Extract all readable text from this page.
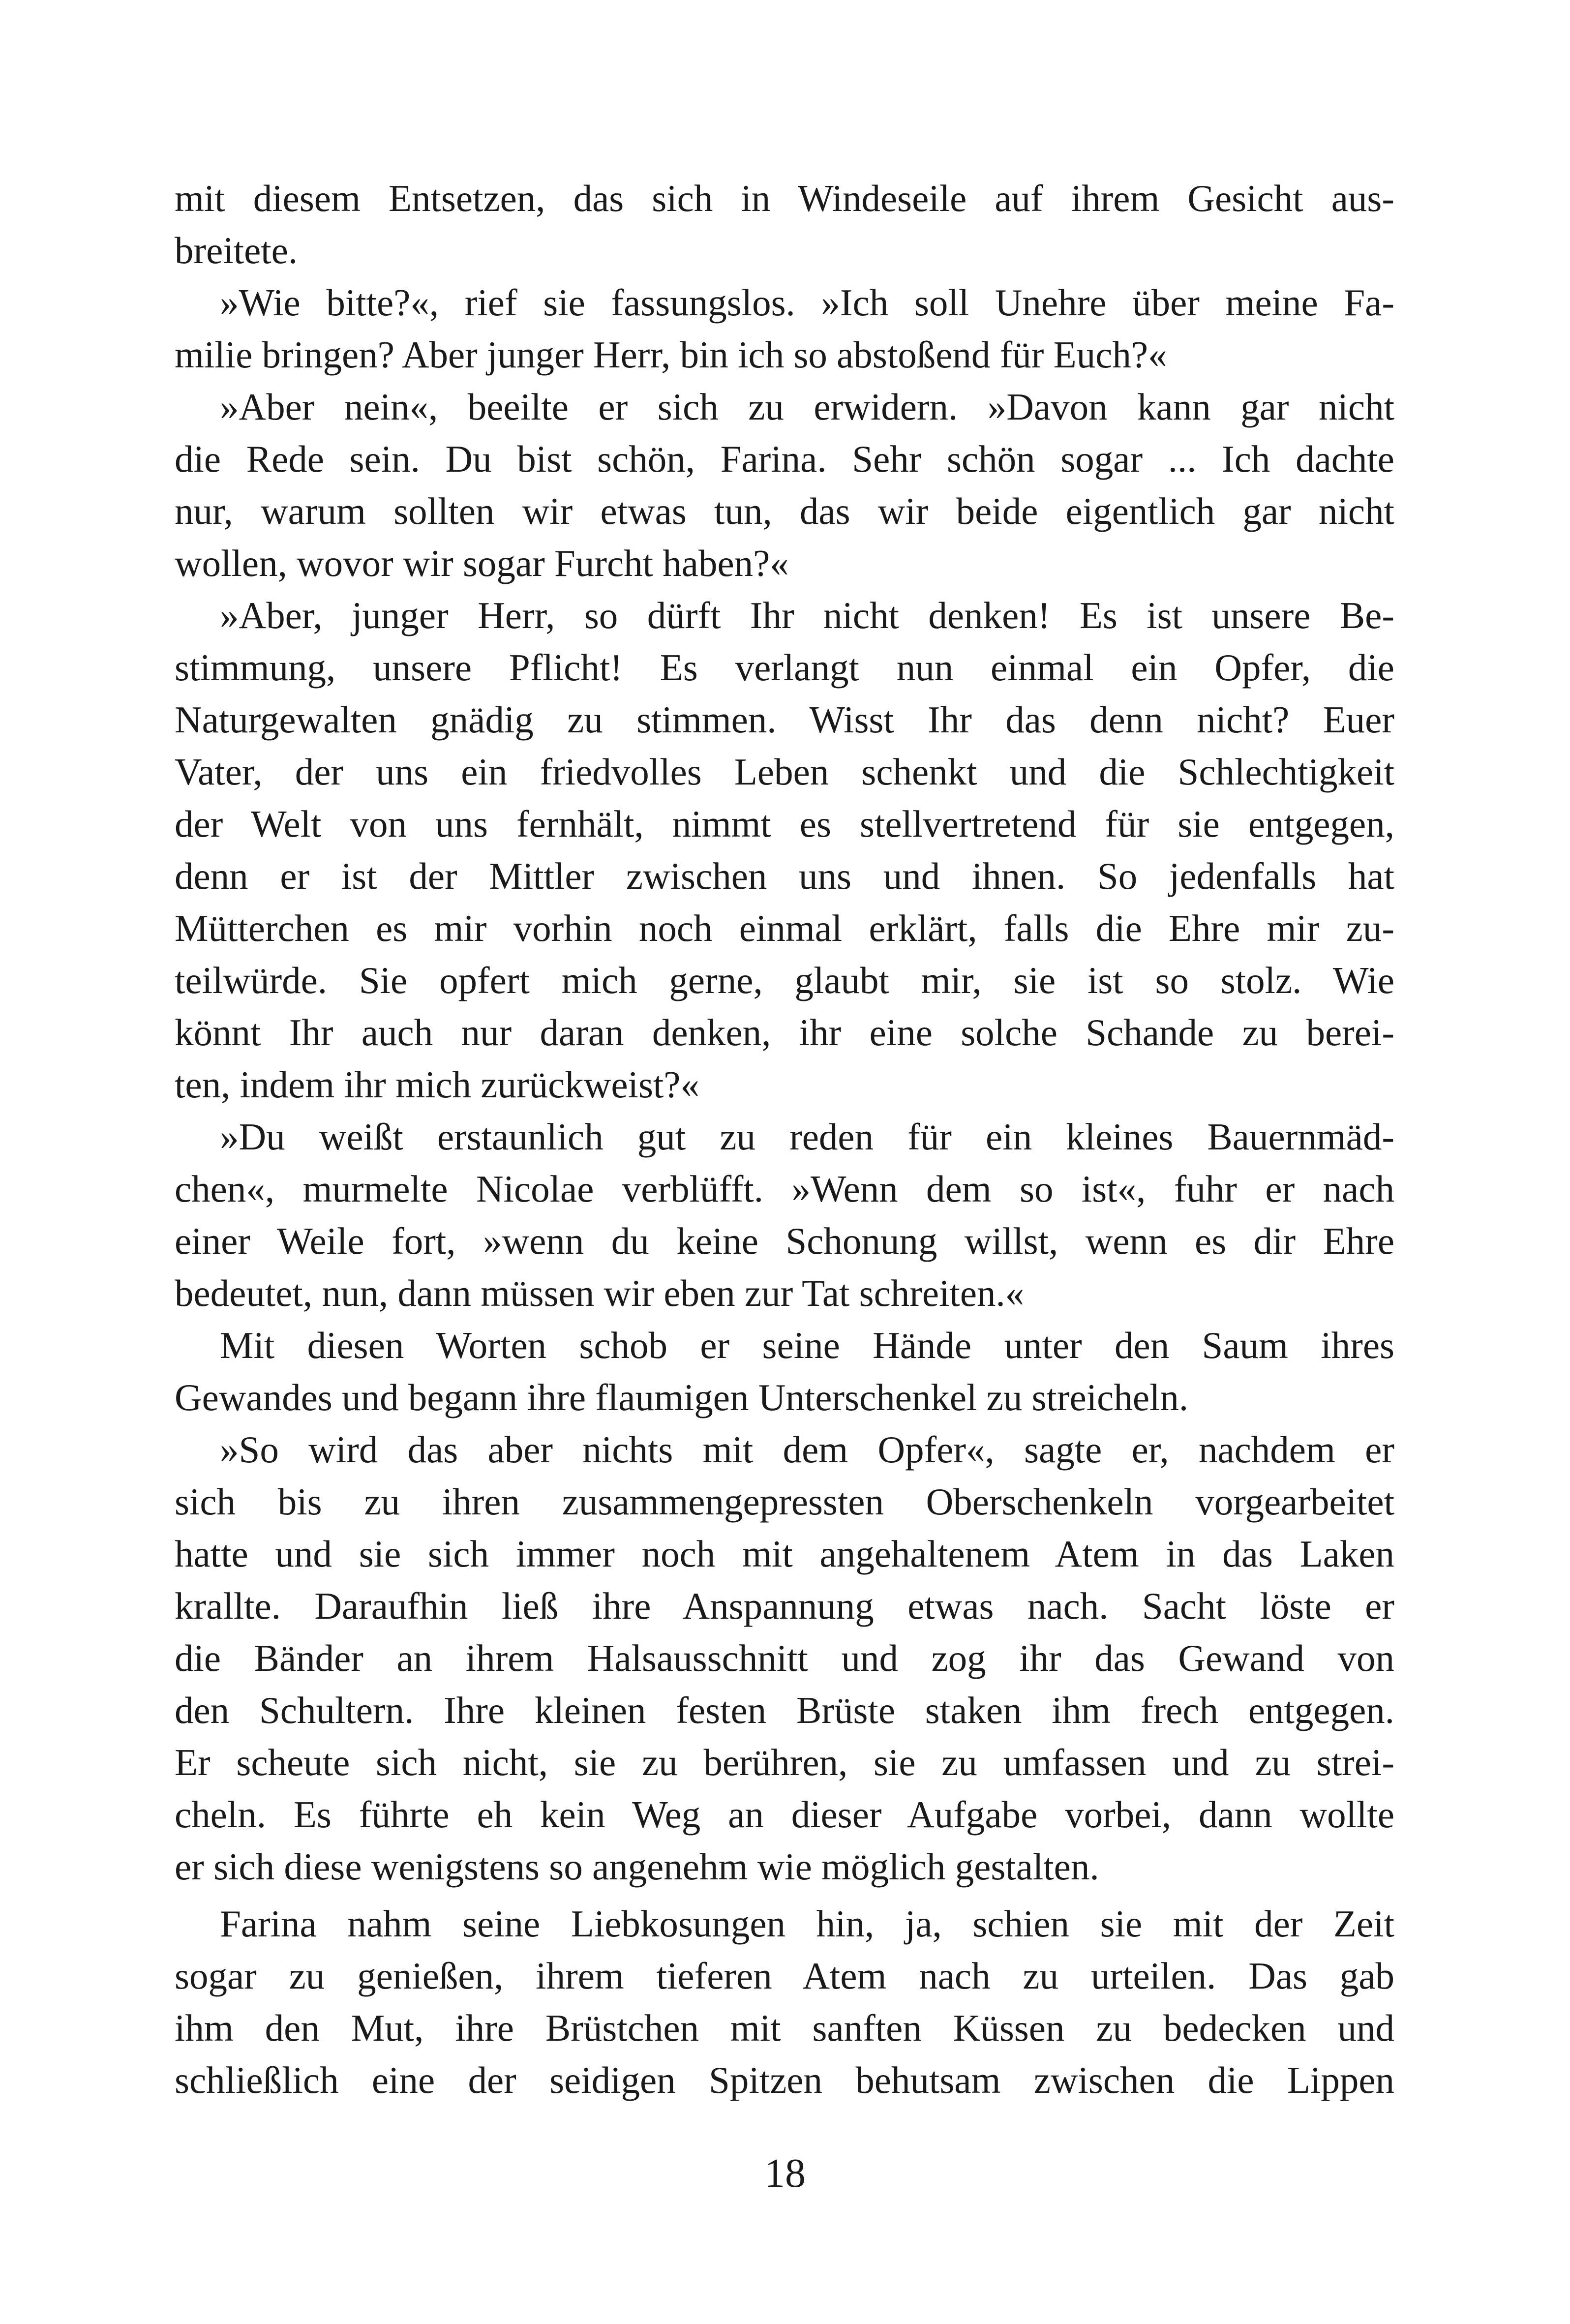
mit diesem Entsetzen, das sich in Windeseile auf ihrem Gesicht aus-
breitete.
»Wie bitte?«, rief sie fassungslos. »Ich soll Unehre über meine Fa-
milie bringen? Aber junger Herr, bin ich so abstoßend für Euch?«
»Aber nein«, beeilte er sich zu erwidern. »Davon kann gar nicht
die Rede sein. Du bist schön, Farina. Sehr schön sogar ... Ich dachte
nur, warum sollten wir etwas tun, das wir beide eigentlich gar nicht
wollen, wovor wir sogar Furcht haben?«
»Aber, junger Herr, so dürft Ihr nicht denken! Es ist unsere Be-
stimmung, unsere Pflicht! Es verlangt nun einmal ein Opfer, die
Naturgewalten gnädig zu stimmen. Wisst Ihr das denn nicht? Euer
Vater, der uns ein friedvolles Leben schenkt und die Schlechtigkeit
der Welt von uns fernhält, nimmt es stellvertretend für sie entgegen,
denn er ist der Mittler zwischen uns und ihnen. So jedenfalls hat
Mütterchen es mir vorhin noch einmal erklärt, falls die Ehre mir zu-
teilwürde. Sie opfert mich gerne, glaubt mir, sie ist so stolz. Wie
könnt Ihr auch nur daran denken, ihr eine solche Schande zu berei-
ten, indem ihr mich zurückweist?«
»Du weißt erstaunlich gut zu reden für ein kleines Bauernmäd-
chen«, murmelte Nicolae verblüfft. »Wenn dem so ist«, fuhr er nach
einer Weile fort, »wenn du keine Schonung willst, wenn es dir Ehre
bedeutet, nun, dann müssen wir eben zur Tat schreiten.«
Mit diesen Worten schob er seine Hände unter den Saum ihres
Gewandes und begann ihre flaumigen Unterschenkel zu streicheln.
»So wird das aber nichts mit dem Opfer«, sagte er, nachdem er
sich bis zu ihren zusammengepressten Oberschenkeln vorgearbeitet
hatte und sie sich immer noch mit angehaltenem Atem in das Laken
krallte. Daraufhin ließ ihre Anspannung etwas nach. Sacht löste er
die Bänder an ihrem Halsausschnitt und zog ihr das Gewand von
den Schultern. Ihre kleinen festen Brüste staken ihm frech entgegen.
Er scheute sich nicht, sie zu berühren, sie zu umfassen und zu strei-
cheln. Es führte eh kein Weg an dieser Aufgabe vorbei, dann wollte
er sich diese wenigstens so angenehm wie möglich gestalten.
Farina nahm seine Liebkosungen hin, ja, schien sie mit der Zeit
sogar zu genießen, ihrem tieferen Atem nach zu urteilen. Das gab
ihm den Mut, ihre Brüstchen mit sanften Küssen zu bedecken und
schließlich eine der seidigen Spitzen behutsam zwischen die Lippen
18
